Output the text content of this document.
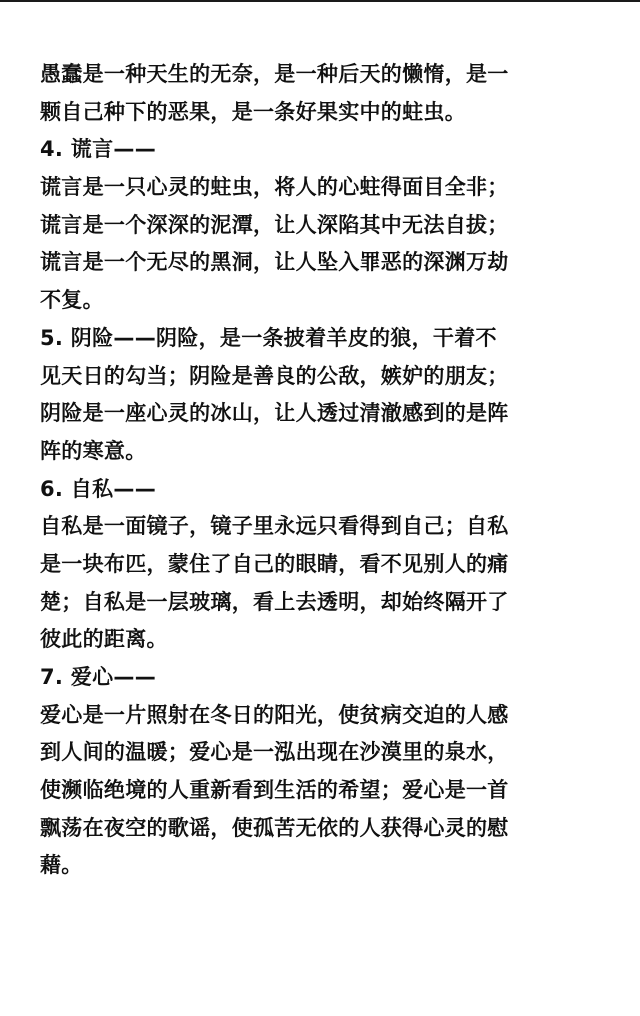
愚蠢是一种天生的无奈，是一种后天的懒惰，是一
颗自己种下的恶果，是一条好果实中的蛀虫。
4. 谎言——
谎言是一只心灵的蛀虫，将人的心蛀得面目全非；
谎言是一个深深的泥潭，让人深陷其中无法自拔；
谎言是一个无尽的黑洞，让人坠入罪恶的深渊万劫
不复。
5. 阴险——阴险，是一条披着羊皮的狼，干着不
见天日的勾当；阴险是善良的公敌，嫉妒的朋友；
阴险是一座心灵的冰山，让人透过清澈感到的是阵
阵的寒意。
6. 自私——
自私是一面镜子，镜子里永远只看得到自己；自私
是一块布匹，蒙住了自己的眼睛，看不见别人的痛
楚；自私是一层玻璃，看上去透明，却始终隔开了
彼此的距离。
7. 爱心——
爱心是一片照射在冬日的阳光，使贫病交迫的人感
到人间的温暖；爱心是一泓出现在沙漠里的泉水，
使濒临绝境的人重新看到生活的希望；爱心是一首
飘荡在夜空的歌谣，使孤苦无依的人获得心灵的慰
藉。
